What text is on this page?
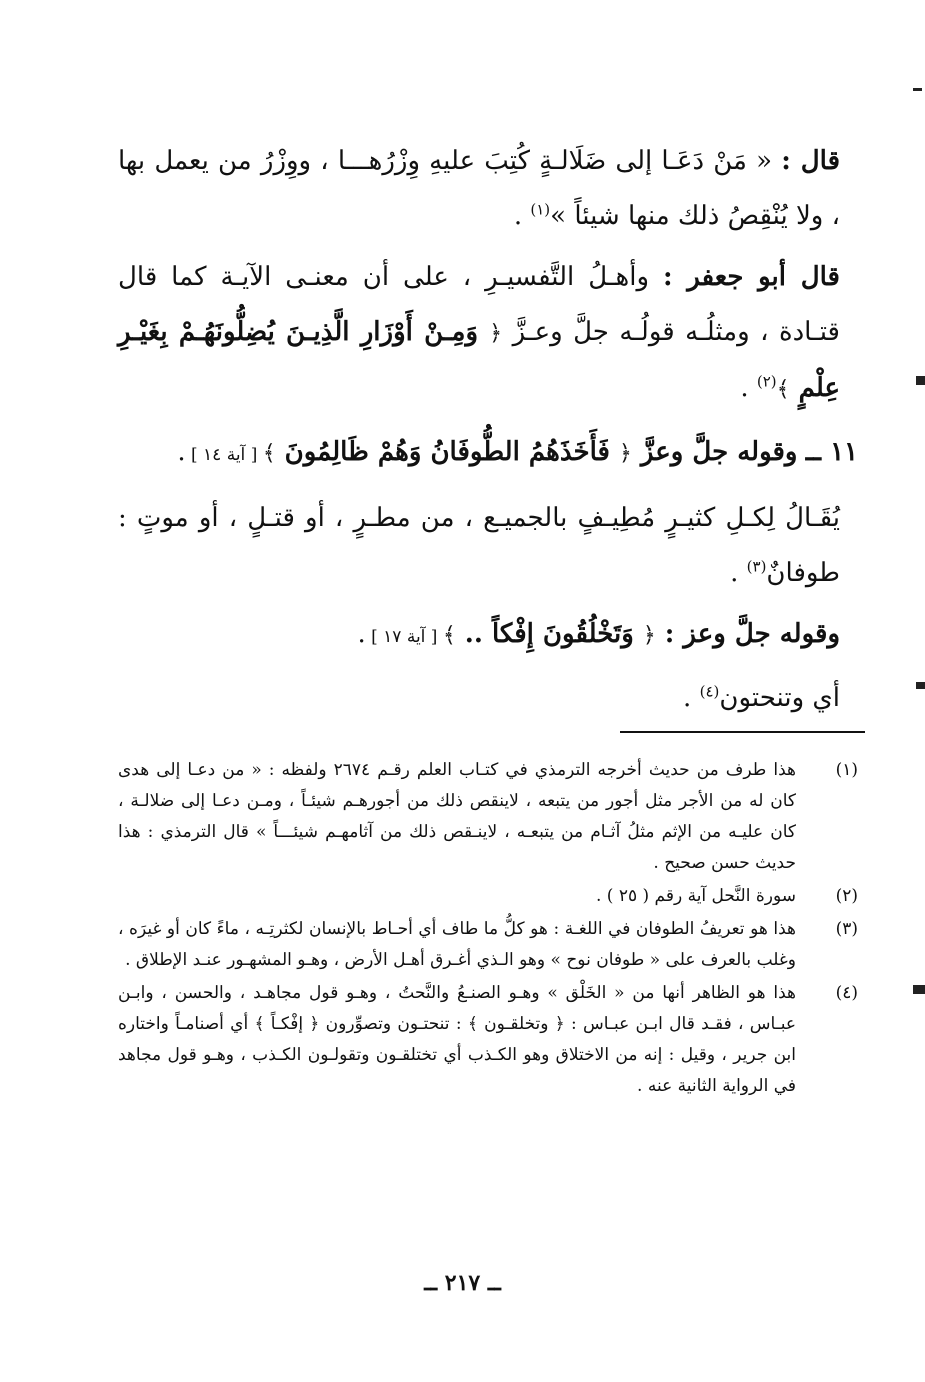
قال : « مَنْ دَعَـا إلى ضَلَالـةٍ كُتِبَ عليهِ وِزْرُهـــا ، ووِزْرُ من يعمل بها ، ولا يُنْقِصُ ذلك منها شيئاً »$^{(١)}$ .

قال أبو جعفر : وأهـلُ التَّفسيـرِ ، على أن معنـى الآيـة كما قال قتـادة ، ومثلُـه قولُـه جلَّ وعـزَّ ﴿ وَمِـنْ أَوْزَارِ الَّذِيـنَ يُضِلُّونَهُـمْ بِغَيْـرِ عِلْمٍ ﴾$^{(٢)}$ .

١١ ــ وقوله جلَّ وعزَّ ﴿ فَأَخَذَهُمُ الطُّوفَانُ وَهُمْ ظَالِمُونَ ﴾ [ آية ١٤ ] .

يُقَـالُ لِكـلِ كثيـرٍ مُطِيـفٍ بالجميـع ، من مطـرٍ ، أو قتـلٍ ، أو موتٍ : طوفانٌ$^{(٣)}$ .

وقوله جلَّ وعز : ﴿ وَتَخْلُقُونَ إِفْكاً .. ﴾ [ آية ١٧ ] .

أي وتنحتون$^{(٤)}$ .

(١)
هذا طرف من حديث أخرجه الترمذي في كتـاب العلم رقـم ٢٦٧٤ ولفظه : « من دعـا إلى هدى كان له من الأجر مثل أجور من يتبعه ، لاينقص ذلك من أجورهـم شيئـاً ، ومـن دعـا إلى ضلالـة ، كان عليـه من الإثم مثلُ آثـام من يتبعـه ، لاينـقص ذلك من آثامهـم شيئـــاً » قال الترمذي : هذا حديث حسن صحيح .
(٢)
سورة النَّحل آية رقم ( ٢٥ ) .
(٣)
هذا هو تعريفُ الطوفان في اللغـة : هو كلُّ ما طاف أي أحـاط بالإنسان لكثرتِـه ، ماءً كان أو غيرَه ، وغلب بالعرف على « طوفان نوح » وهو الـذي أغـرق أهـل الأرض ، وهـو المشهـور عنـد الإطلاق .
(٤)
هذا هو الظاهر أنها من « الخَلْق » وهـو الصنـعُ والنَّحتُ ، وهـو قول مجاهـد ، والحسن ، وابـن عبـاس ، فقـد قال ابـن عبـاس : ﴿ وتخلقـون ﴾ : تنحتـون وتصوِّرون ﴿ إفْكـاً ﴾ أي أصنامـاً واختاره ابن جرير ، وقيل : إنه من الاختلاق وهو الكـذب أي تختلقـون وتقولـون الكـذب ، وهـو قول مجاهد في الرواية الثانية عنه .
ــ ٢١٧ ــ
